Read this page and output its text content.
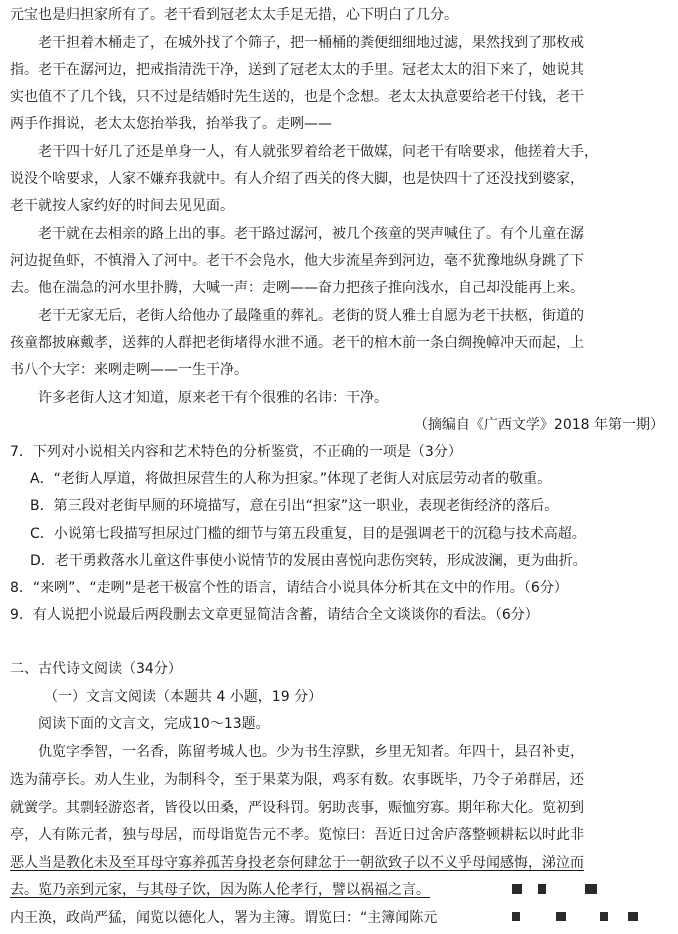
元宝也是归担家所有了。老干看到冠老太太手足无措，心下明白了几分。
老干担着木桶走了，在城外找了个筛子，把一桶桶的粪便细细地过滤，果然找到了那枚戒
指。老干在潺河边，把戒指清洗干净，送到了冠老太太的手里。冠老太太的泪下来了，她说其
实也值不了几个钱，只不过是结婚时先生送的，也是个念想。老太太执意要给老干付钱，老干
两手作揖说，老太太您抬举我，抬举我了。走咧——
老干四十好几了还是单身一人，有人就张罗着给老干做媒，问老干有啥要求，他搓着大手，
说没个啥要求，人家不嫌弃我就中。有人介绍了西关的佟大脚，也是快四十了还没找到婆家，
老干就按人家约好的时间去见见面。
老干就在去相亲的路上出的事。老干路过潺河，被几个孩童的哭声喊住了。有个儿童在潺
河边捉鱼虾，不慎滑入了河中。老干不会凫水，他大步流星奔到河边，毫不犹豫地纵身跳了下
去。他在湍急的河水里扑腾，大喊一声：走咧——奋力把孩子推向浅水，自己却没能再上来。
老干无家无后，老街人给他办了最隆重的葬礼。老街的贤人雅士自愿为老干扶柩，街道的
孩童都披麻戴孝，送葬的人群把老街堵得水泄不通。老干的棺木前一条白绸挽幛冲天而起，上
书八个大字：来咧走咧——一生干净。
许多老街人这才知道，原来老干有个很雅的名讳：干净。
（摘编自《广西文学》2018 年第一期）
7．下列对小说相关内容和艺术特色的分析鉴赏，不正确的一项是（3分）
A．“老街人厚道，将做担尿营生的人称为担家。”体现了老街人对底层劳动者的敬重。
B．第三段对老街早厕的环境描写，意在引出“担家”这一职业，表现老街经济的落后。
C．小说第七段描写担尿过门槛的细节与第五段重复，目的是强调老干的沉稳与技术高超。
D．老干勇救落水儿童这件事使小说情节的发展由喜悦向悲伤突转，形成波澜，更为曲折。
8．“来咧”、“走咧”是老干极富个性的语言，请结合小说具体分析其在文中的作用。（6分）
9．有人说把小说最后两段删去文章更显简洁含蓄，请结合全文谈谈你的看法。（6分）
二、古代诗文阅读（34分）
（一）文言文阅读（本题共 4 小题，19 分）
阅读下面的文言文，完成10～13题。
仇览字季智，一名香，陈留考城人也。少为书生淳默，乡里无知者。年四十，县召补吏，
选为蒲亭长。劝人生业，为制科令，至于果菜为限，鸡豕有数。农事既毕，乃令子弟群居，还
就黉学。其剽轻游恣者，皆役以田桑，严设科罚。躬助丧事，赈恤穷寡。期年称大化。览初到
亭，人有陈元者，独与母居，而母诣览告元不孝。览惊曰：吾近日过舍庐落整顿耕耘以时此非
恶人当是教化未及至耳母守寡养孤苦身投老奈何肆忿于一朝欲致子以不义乎母闻感悔，涕泣而
去。览乃亲到元家，与其母子饮，因为陈人伦孝行，譬以祸福之言。
内王涣，政尚严猛，闻览以德化人，署为主簿。谓览曰：“主簿闻陈元
